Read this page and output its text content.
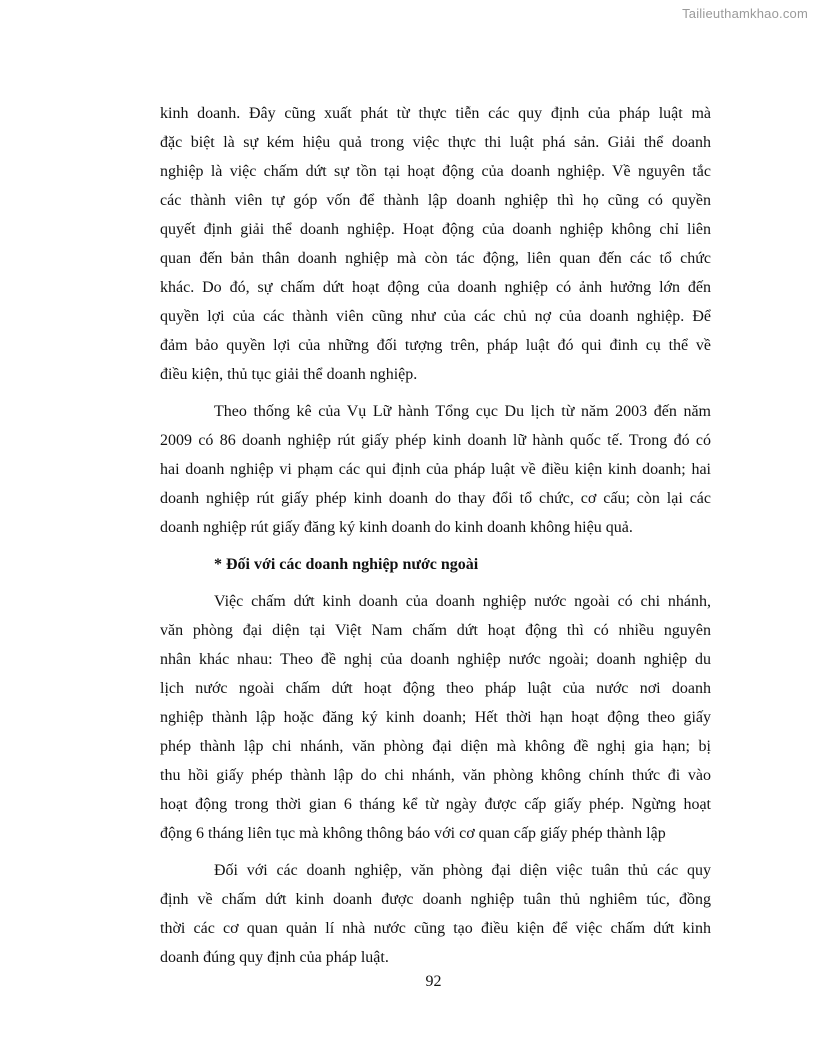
Tailieuthamkhao.com
kinh doanh. Đây cũng xuất phát từ thực tiễn các quy định của pháp luật mà
đặc biệt là sự kém hiệu quả trong việc thực thi luật phá sản. Giải thể doanh
nghiệp là việc chấm dứt sự tồn tại hoạt động của doanh nghiệp. Về nguyên tắc
các thành viên tự góp vốn để thành lập doanh nghiệp thì họ cũng có quyền
quyết định giải thể doanh nghiệp. Hoạt động của doanh nghiệp không chỉ liên
quan đến bản thân doanh nghiệp mà còn tác động, liên quan đến các tổ chức
khác. Do đó, sự chấm dứt hoạt động của doanh nghiệp có ảnh hưởng lớn đến
quyền lợi của các thành viên cũng như của các chủ nợ của doanh nghiệp. Để
đảm bảo quyền lợi của những đối tượng trên, pháp luật đó qui đinh cụ thể về
điều kiện, thủ tục giải thể doanh nghiệp.
Theo thống kê của Vụ Lữ hành Tổng cục Du lịch từ năm 2003 đến năm
2009 có 86 doanh nghiệp rút giấy phép kinh doanh lữ hành quốc tế. Trong đó có
hai doanh nghiệp vi phạm các qui định của pháp luật về điều kiện kinh doanh; hai
doanh nghiệp rút giấy phép kinh doanh do thay đổi tổ chức, cơ cấu; còn lại các
doanh nghiệp rút giấy đăng ký kinh doanh do kinh doanh không hiệu quả.
* Đối với các doanh nghiệp nước ngoài
Việc chấm dứt kinh doanh của doanh nghiệp nước ngoài có chi nhánh,
văn phòng đại diện tại Việt Nam chấm dứt hoạt động thì có nhiều nguyên
nhân khác nhau: Theo đề nghị của doanh nghiệp nước ngoài; doanh nghiệp du
lịch nước ngoài chấm dứt hoạt động theo pháp luật của nước nơi doanh
nghiệp thành lập hoặc đăng ký kinh doanh; Hết thời hạn hoạt động theo giấy
phép thành lập chi nhánh, văn phòng đại diện mà không đề nghị gia hạn; bị
thu hồi giấy phép thành lập do chi nhánh, văn phòng không chính thức đi vào
hoạt động trong thời gian 6 tháng kể từ ngày được cấp giấy phép. Ngừng hoạt
động 6 tháng liên tục mà không thông báo với cơ quan cấp giấy phép thành lập
Đối với các doanh nghiệp, văn phòng đại diện việc tuân thủ các quy
định về chấm dứt kinh doanh được doanh nghiệp tuân thủ nghiêm túc, đồng
thời các cơ quan quản lí nhà nước cũng tạo điều kiện để việc chấm dứt kinh
doanh đúng quy định của pháp luật.
92
